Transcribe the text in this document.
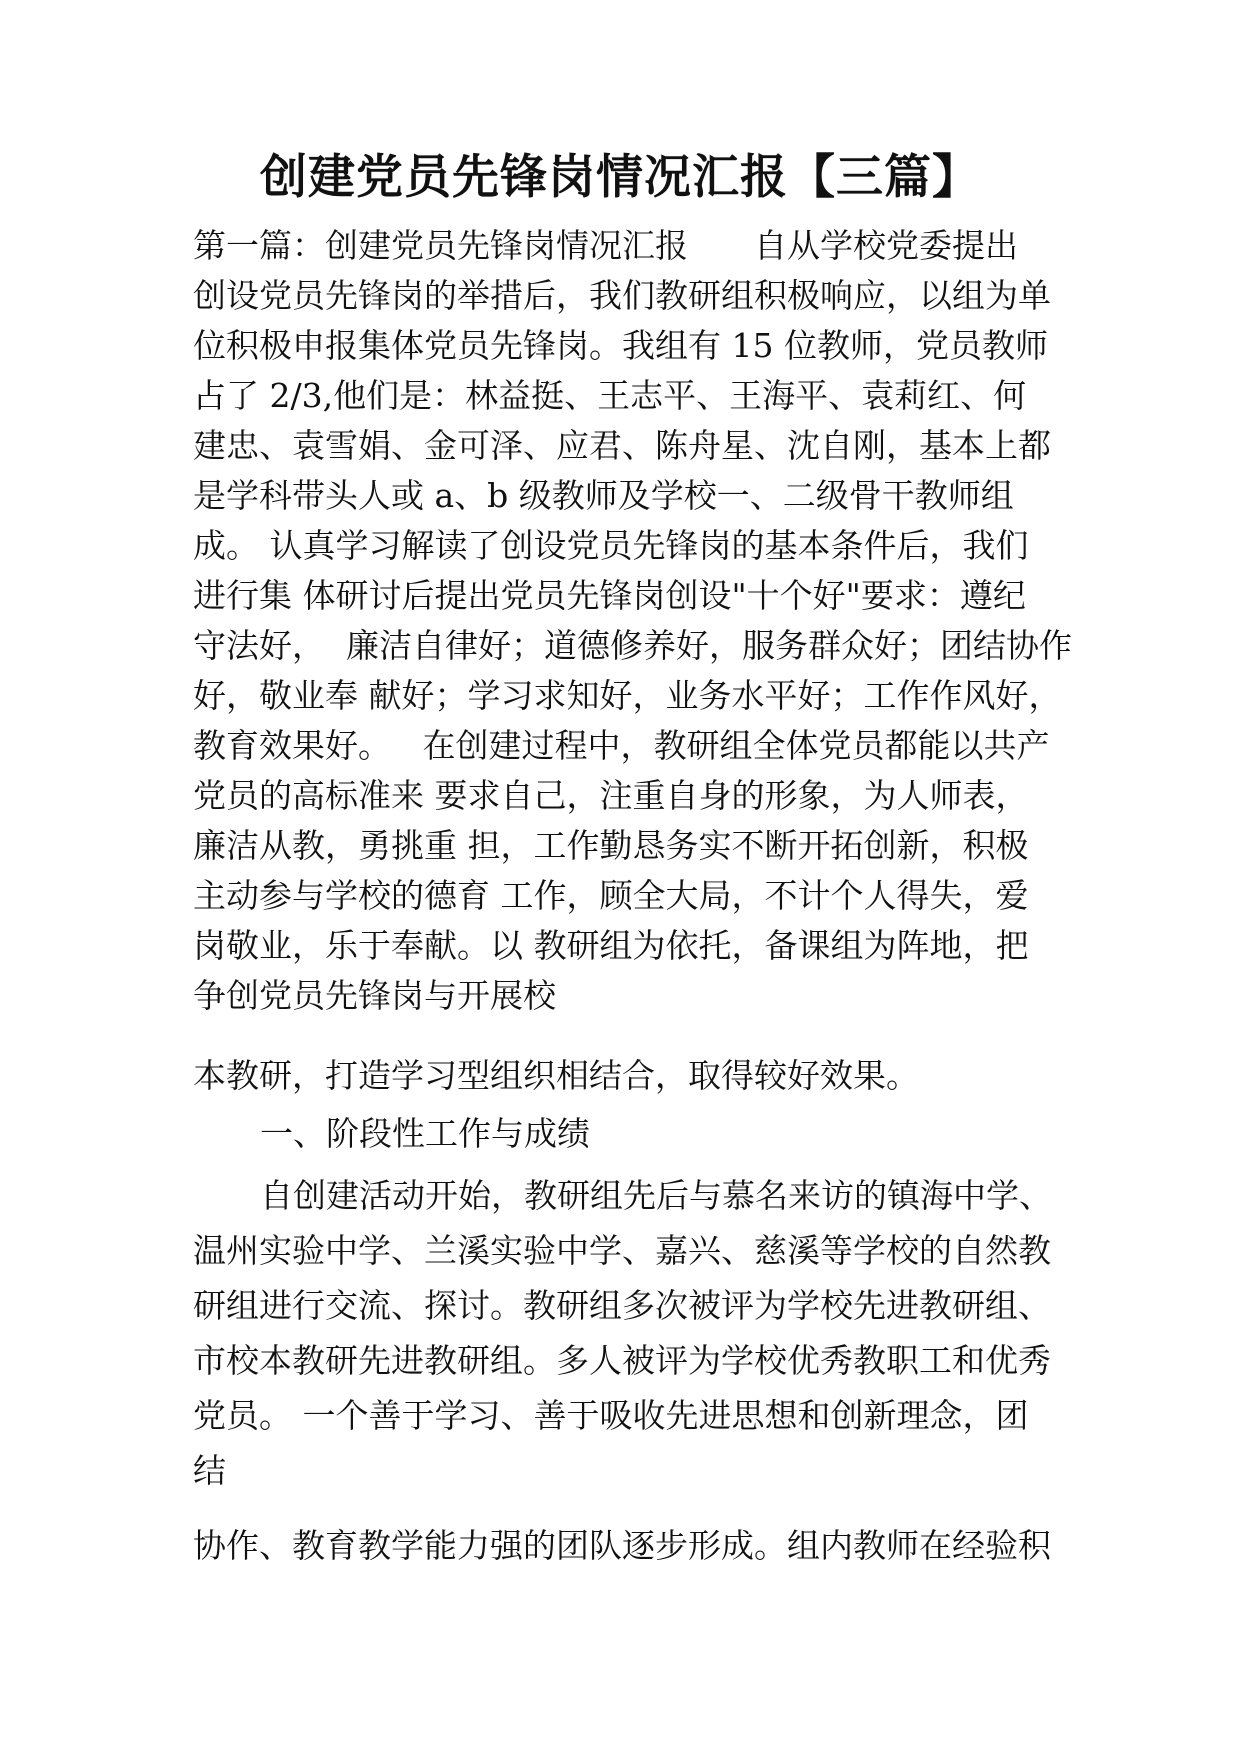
创建党员先锋岗情况汇报【三篇】
第一篇：创建党员先锋岗情况汇报　　自从学校党委提出
创设党员先锋岗的举措后，我们教研组积极响应，以组为单
位积极申报集体党员先锋岗。我组有 15 位教师，党员教师
占了 2/3,他们是：林益挺、王志平、王海平、袁莉红、何
建忠、袁雪娟、金可泽、应君、陈舟星、沈自刚，基本上都
是学科带头人或 a、b 级教师及学校一、二级骨干教师组
成。 认真学习解读了创设党员先锋岗的基本条件后，我们
进行集 体研讨后提出党员先锋岗创设"十个好"要求：遵纪
守法好，  廉洁自律好；道德修养好，服务群众好；团结协作
好，敬业奉 献好；学习求知好，业务水平好；工作作风好，
教育效果好。   在创建过程中，教研组全体党员都能以共产
党员的高标准来 要求自己，注重自身的形象，为人师表，
廉洁从教，勇挑重 担，工作勤恳务实不断开拓创新，积极
主动参与学校的德育 工作，顾全大局，不计个人得失，爱
岗敬业，乐于奉献。以 教研组为依托，备课组为阵地，把
争创党员先锋岗与开展校
本教研，打造学习型组织相结合，取得较好效果。
一、阶段性工作与成绩
自创建活动开始，教研组先后与慕名来访的镇海中学、
温州实验中学、兰溪实验中学、嘉兴、慈溪等学校的自然教
研组进行交流、探讨。教研组多次被评为学校先进教研组、
市校本教研先进教研组。多人被评为学校优秀教职工和优秀
党员。 一个善于学习、善于吸收先进思想和创新理念，团
结
协作、教育教学能力强的团队逐步形成。组内教师在经验积
